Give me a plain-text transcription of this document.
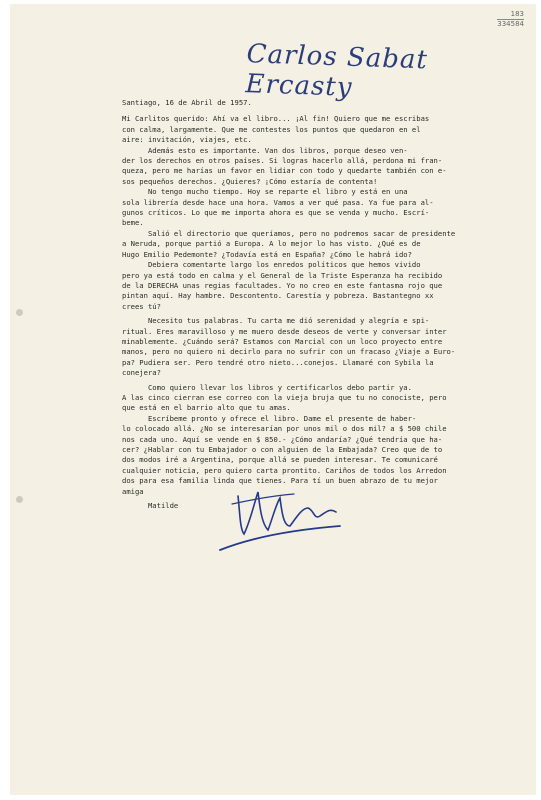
183
334584
Carlos Sabat Ercasty

Santiago, 16 de Abril de 1957.

Mi Carlitos querido: Ahí va el libro... ¡Al fin! Quiero que me escribas
con calma, largamente. Que me contestes los puntos que quedaron en el
aire: invitación, viajes, etc.

Además esto es importante. Van dos libros, porque deseo ven-
der los derechos en otros países. Si logras hacerlo allá, perdona mi fran-
queza, pero me harías un favor en lidiar con todo y quedarte también con e-
sos pequeños derechos. ¿Quieres? ¡Cómo estaría de contenta!

No tengo mucho tiempo. Hoy se reparte el libro y está en una
sola librería desde hace una hora. Vamos a ver qué pasa. Ya fue para al-
gunos críticos. Lo que me importa ahora es que se venda y mucho. Escrí-
beme.

Salió el directorio que queríamos, pero no podremos sacar de presidente
a Neruda, porque partió a Europa. A lo mejor lo has visto. ¿Qué es de
Hugo Emilio Pedemonte? ¿Todavía está en España? ¿Cómo le habrá ido?

Debiera comentarte largo los enredos políticos que hemos vivido
pero ya está todo en calma y el General de la Triste Esperanza ha recibido
de la DERECHA unas regias facultades. Yo no creo en este fantasma rojo que
pintan aquí. Hay hambre. Descontento. Carestía y pobreza. Bastantegno xx
crees tú?

Necesito tus palabras. Tu carta me dió serenidad y alegría e spi-
ritual. Eres maravilloso y me muero desde deseos de verte y conversar inter
minablemente. ¿Cuándo será? Estamos con Marcial con un loco proyecto entre
manos, pero no quiero ni decirlo para no sufrir con un fracaso ¿Viaje a Euro-
pa? Pudiera ser. Pero tendré otro nieto...conejos. Llamaré con Sybila la
conejera?

Como quiero llevar los libros y certificarlos debo partir ya.
A las cinco cierran ese correo con la vieja bruja que tu no conociste, pero
que está en el barrio alto que tu amas.

Escríbeme pronto y ofrece el libro. Dame el presente de haber-
lo colocado allá. ¿No se interesarían por unos mil o dos mil? a $ 500 chile
nos cada uno. Aquí se vende en $ 850.- ¿Cómo andaría? ¿Qué tendría que ha-
cer? ¿Hablar con tu Embajador o con alguien de la Embajada? Creo que de to
dos modos iré a Argentina, porque allá se pueden interesar. Te comunicaré
cualquier noticia, pero quiero carta prontito. Cariños de todos los Arredon
dos para esa familia linda que tienes. Para tí un buen abrazo de tu mejor
amiga

Matilde
